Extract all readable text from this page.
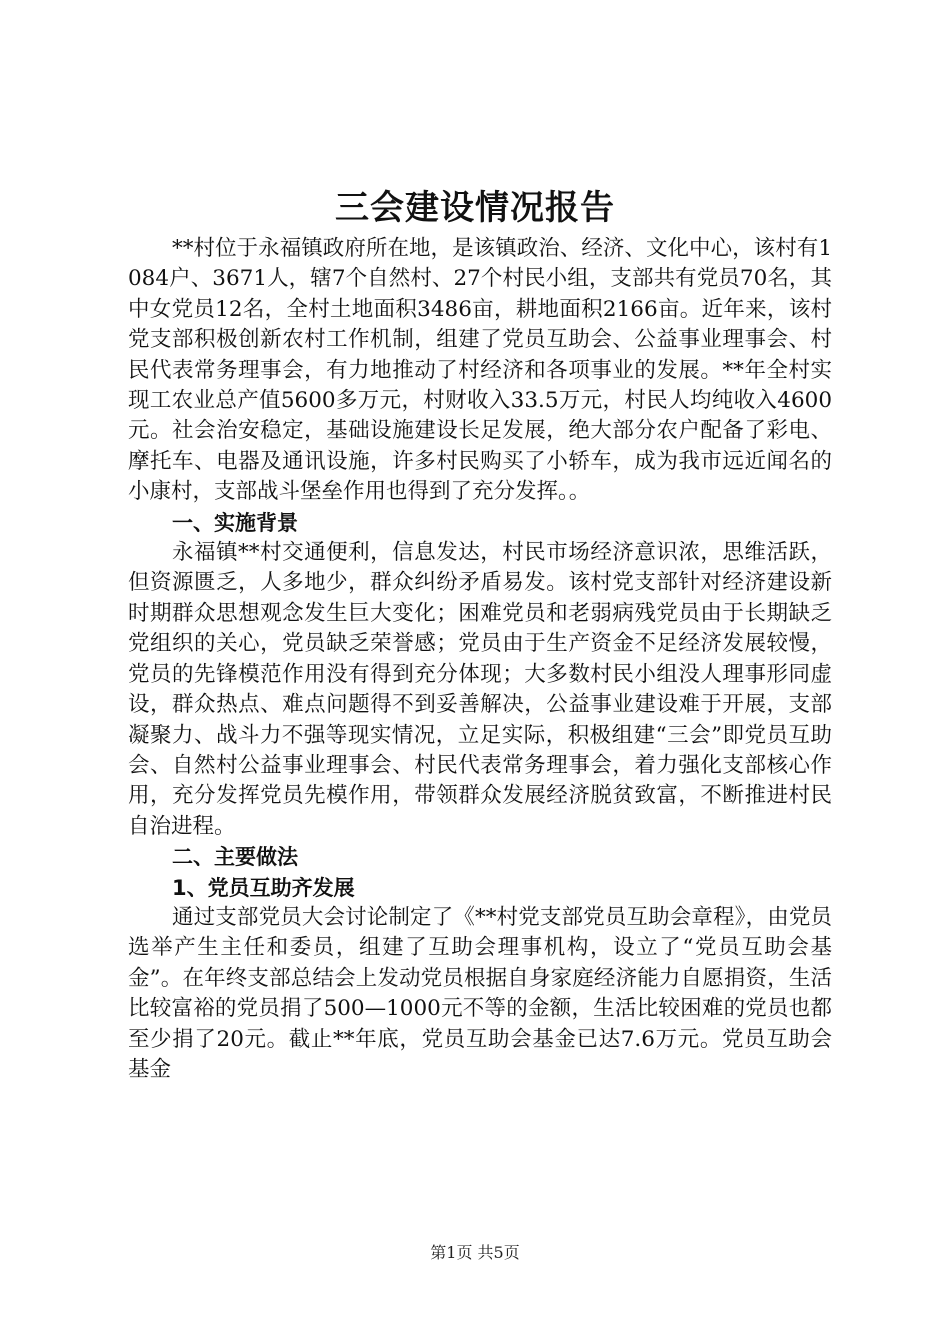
三会建设情况报告

**村位于永福镇政府所在地，是该镇政治、经济、文化中心，该村有1084户、3671人，辖7个自然村、27个村民小组，支部共有党员70名，其中女党员12名，全村土地面积3486亩，耕地面积2166亩。近年来，该村党支部积极创新农村工作机制，组建了党员互助会、公益事业理事会、村民代表常务理事会，有力地推动了村经济和各项事业的发展。**年全村实现工农业总产值5600多万元，村财收入33.5万元，村民人均纯收入4600元。社会治安稳定，基础设施建设长足发展，绝大部分农户配备了彩电、摩托车、电器及通讯设施，许多村民购买了小轿车，成为我市远近闻名的小康村，支部战斗堡垒作用也得到了充分发挥。。

一、实施背景

永福镇**村交通便利，信息发达，村民市场经济意识浓，思维活跃，但资源匮乏，人多地少，群众纠纷矛盾易发。该村党支部针对经济建设新时期群众思想观念发生巨大变化；困难党员和老弱病残党员由于长期缺乏党组织的关心，党员缺乏荣誉感；党员由于生产资金不足经济发展较慢，党员的先锋模范作用没有得到充分体现；大多数村民小组没人理事形同虚设，群众热点、难点问题得不到妥善解决，公益事业建设难于开展，支部凝聚力、战斗力不强等现实情况，立足实际，积极组建“三会”即党员互助会、自然村公益事业理事会、村民代表常务理事会，着力强化支部核心作用，充分发挥党员先模作用，带领群众发展经济脱贫致富，不断推进村民自治进程。

二、主要做法
1、党员互助齐发展

通过支部党员大会讨论制定了《**村党支部党员互助会章程》，由党员选举产生主任和委员，组建了互助会理事机构，设立了“党员互助会基金”。在年终支部总结会上发动党员根据自身家庭经济能力自愿捐资，生活比较富裕的党员捐了500—1000元不等的金额，生活比较困难的党员也都至少捐了20元。截止**年底，党员互助会基金已达7.6万元。党员互助会基金

第1页 共5页
